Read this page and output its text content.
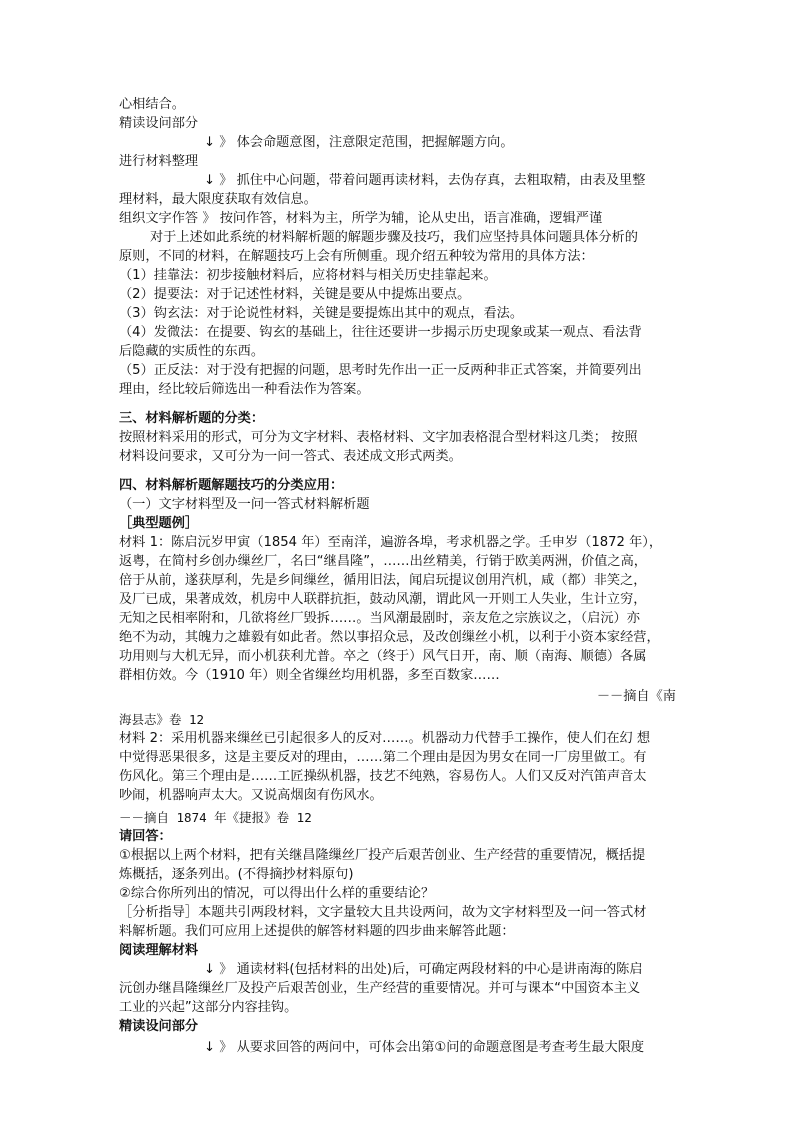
心相结合。
精读设问部分
↓ 》 体会命题意图，注意限定范围，把握解题方向。
进行材料整理
↓ 》 抓住中心问题，带着问题再读材料，去伪存真，去粗取精，由表及里整
理材料，最大限度获取有效信息。
组织文字作答 》 按问作答，材料为主，所学为辅，论从史出，语言准确，逻辑严谨
对于上述如此系统的材料解析题的解题步骤及技巧，我们应坚持具体问题具体分析的
原则，不同的材料，在解题技巧上会有所侧重。现介绍五种较为常用的具体方法：
（1）挂靠法：初步接触材料后，应将材料与相关历史挂靠起来。
（2）提要法：对于记述性材料，关键是要从中提炼出要点。
（3）钩玄法：对于论说性材料，关键是要提炼出其中的观点，看法。
（4）发微法：在提要、钩玄的基础上，往往还要讲一步揭示历史现象或某一观点、看法背
后隐藏的实质性的东西。
（5）正反法：对于没有把握的问题，思考时先作出一正一反两种非正式答案，并简要列出
理由，经比较后筛选出一种看法作为答案。
三、材料解析题的分类：
按照材料采用的形式，可分为文字材料、表格材料、文字加表格混合型材料这几类； 按照
材料设问要求，又可分为一问一答式、表述成文形式两类。
四、材料解析题解题技巧的分类应用：
（一）文字材料型及一问一答式材料解析题
［典型题例］
材料 1：陈启沅岁甲寅（1854 年）至南洋，遍游各埠，考求机器之学。壬申岁（1872 年），
返粤，在简村乡创办缫丝厂，名曰“继昌隆”，……出丝精美，行销于欧美两洲，价值之高，
倍于从前，遂获厚利，先是乡间缫丝，循用旧法，闻启玩提议创用汽机，咸（都）非笑之，
及厂已成，果著成效，机房中人联群抗拒，鼓动风潮，谓此风一开则工人失业，生计立穷，
无知之民相率附和，几欲将丝厂毁拆……。当风潮最剧时，亲友危之宗族议之，（启沅）亦
绝不为动，其魄力之雄毅有如此者。然以事招众忌，及改创缫丝小机，以利于小资本家经营，
功用则与大机无异，而小机获利尤普。卒之（终于）风气日开，南、顺（南海、顺德）各属
群相仿效。今（1910 年）则全省缫丝均用机器，多至百数家……
－－摘自《南
海县志》卷 12
材料 2：采用机器来缫丝已引起很多人的反对……。机器动力代替手工操作，使人们在幻 想
中觉得恶果很多，这是主要反对的理由，……第二个理由是因为男女在同一厂房里做工。有
伤风化。第三个理由是……工匠操纵机器，技艺不纯熟，容易伤人。人们又反对汽笛声音太
吵闹，机器响声太大。又说高烟囱有伤风水。
－－摘自 1874 年《捷报》卷 12
请回答：
①根据以上两个材料，把有关继昌隆缫丝厂投产后艰苦创业、生产经营的重要情况，概括提
炼概括，逐条列出。(不得摘抄材料原句)
②综合你所列出的情况，可以得出什么样的重要结论？
［分析指导］本题共引两段材料，文字量较大且共设两问，故为文字材料型及一问一答式材
料解析题。我们可应用上述提供的解答材料题的四步曲来解答此题：
阅读理解材料
↓ 》 通读材料(包括材料的出处)后，可确定两段材料的中心是讲南海的陈启
沅创办继昌隆缫丝厂及投产后艰苦创业，生产经营的重要情况。并可与课本“中国资本主义
工业的兴起”这部分内容挂钩。
精读设问部分
↓ 》 从要求回答的两问中，可体会出第①问的命题意图是考查考生最大限度
